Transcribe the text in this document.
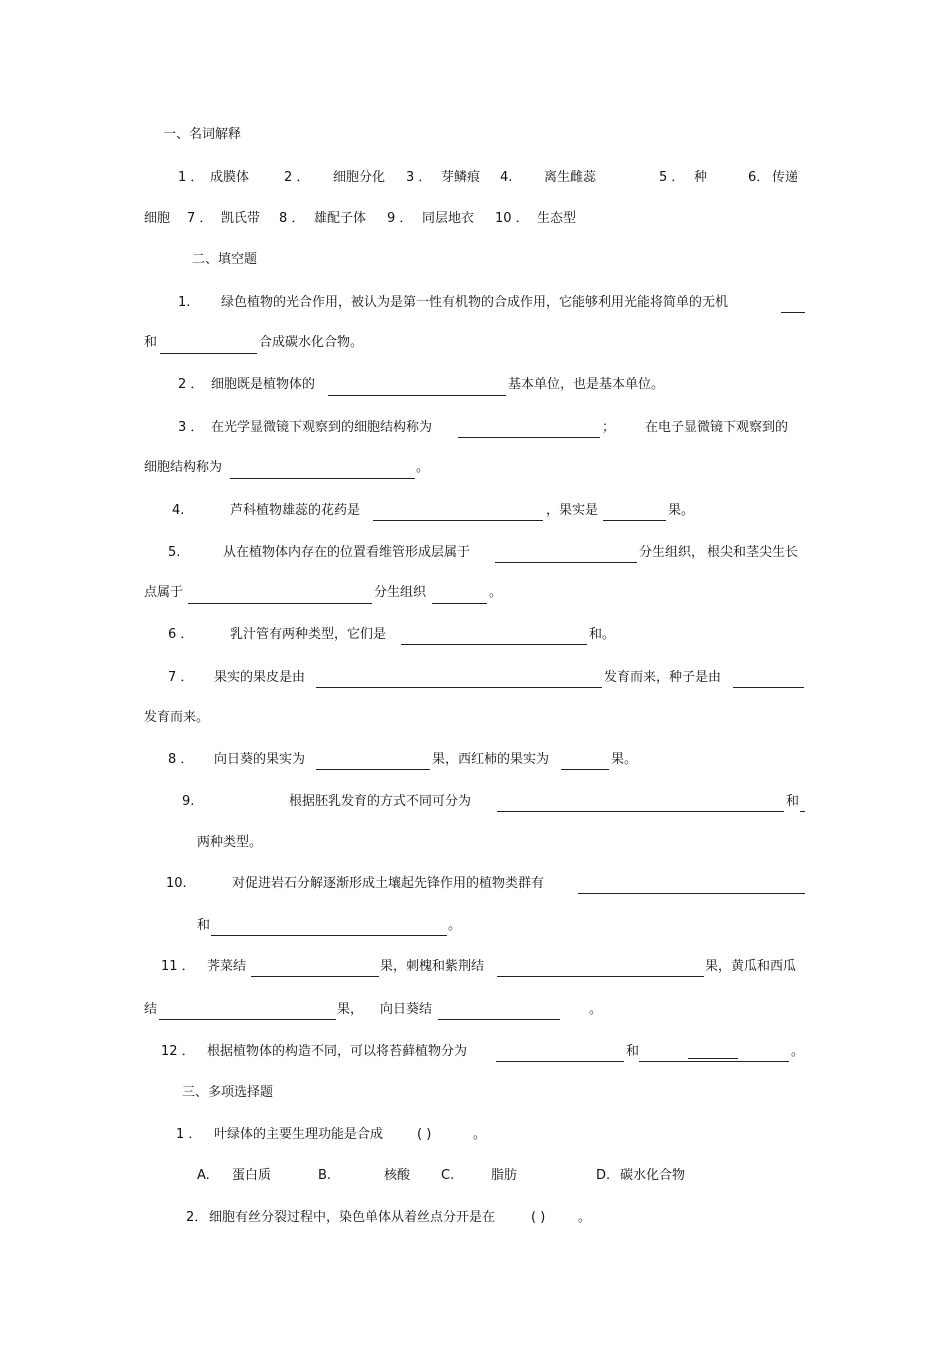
一、名词解释
1 ． 成膜体	2 ． 细胞分化 3 ． 芽鳞痕 4. 离生雌蕊	5 ． 种	6． 传递
细胞 7 ． 凯氏带 8 ． 雄配子体 9 ． 同层地衣 10 ． 生态型
二、填空题
1. 绿色植物的光合作用，被认为是第一性有机物的合成作用，它能够利用光能将简单的无机
和	合成碳水化合物。
2 ． 细胞既是植物体的	基本单位，也是基本单位。
3 ． 在光学显微镜下观察到的细胞结构称为	； 在电子显微镜下观察到的
细胞结构称为	。
4.	芦科植物雄蕊的花药是	，果实是	果。
5.	从在植物体内存在的位置看维管形成层属于	分生组织， 根尖和茎尖生长
点属于	分生组织	。
6 ．	乳汁管有两种类型，它们是	和。
7 ． 果实的果皮是由	发育而来，种子是由
发育而来。
8 ． 向日葵的果实为	果，西红柿的果实为	果。
9.	根据胚乳发育的方式不同可分为	和
两种类型。
10.	对促进岩石分解逐渐形成土壤起先锋作用的植物类群有
和	。
11 ． 荠菜结	果，刺槐和紫荆结	果，黄瓜和西瓜
结	果， 向日葵结	。
12 ． 根据植物体的构造不同，可以将苔藓植物分为	和	。
三、多项选择题
1 ． 叶绿体的主要生理功能是合成	( )	。
A. 蛋白质	B.	核酸 C.	脂肪	D. 碳水化合物
2． 细胞有丝分裂过程中，染色单体从着丝点分开是在	( )	。
